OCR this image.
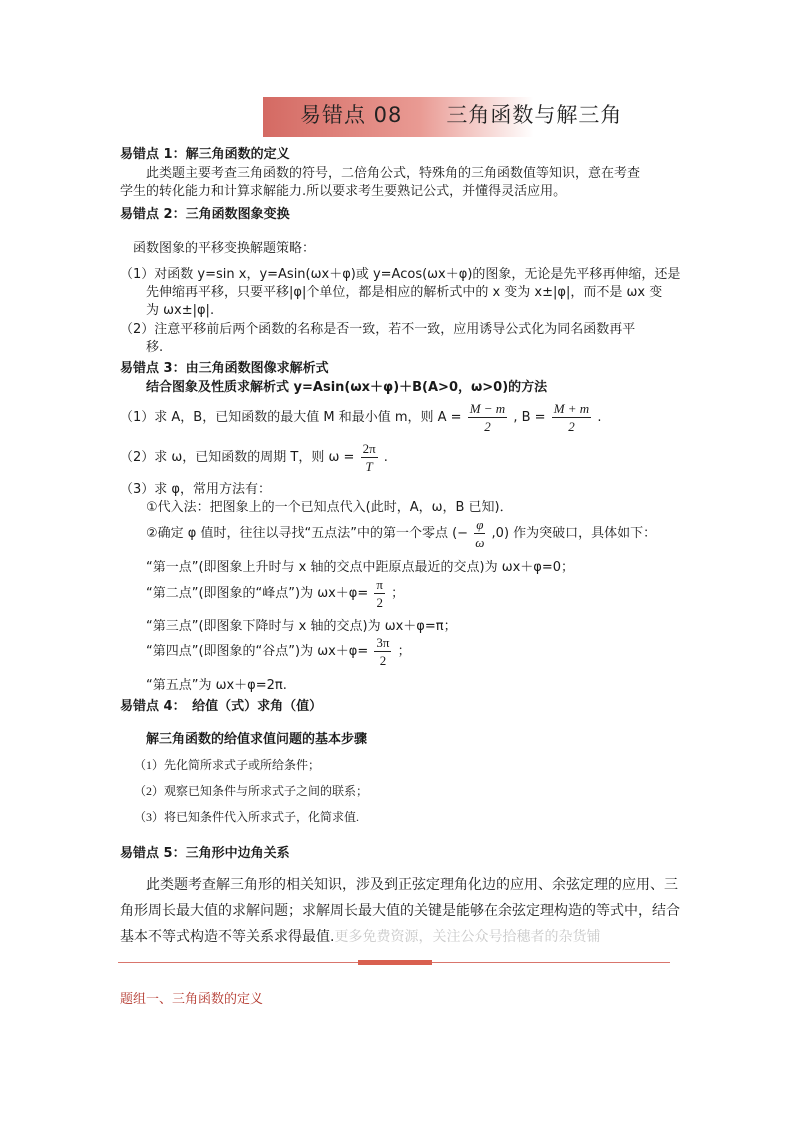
易错点 08　　三角函数与解三角
易错点 1：解三角函数的定义
此类题主要考查三角函数的符号，二倍角公式，特殊角的三角函数值等知识，意在考查
学生的转化能力和计算求解能力.所以要求考生要熟记公式，并懂得灵活应用。
易错点 2：三角函数图象变换
函数图象的平移变换解题策略：
（1）对函数 y=sin x，y=Asin(ωx＋φ)或 y=Acos(ωx＋φ)的图象，无论是先平移再伸缩，还是
先伸缩再平移，只要平移|φ|个单位，都是相应的解析式中的 x 变为 x±|φ|，而不是 ωx 变
为 ωx±|φ|.
（2）注意平移前后两个函数的名称是否一致，若不一致，应用诱导公式化为同名函数再平
移.
易错点 3：由三角函数图像求解析式
结合图象及性质求解析式 y=Asin(ωx＋φ)＋B(A>0，ω>0)的方法
（1）求 A，B，已知函数的最大值 M 和最小值 m，则 $A = \frac{M - m}{2}$ , $B = \frac{M + m}{2}$ .
（2）求 ω，已知函数的周期 T，则 $\omega = \frac{2\pi}{T}$ .
（3）求 φ，常用方法有：
①代入法：把图象上的一个已知点代入(此时，A，ω，B 已知)．
②确定 φ 值时，往往以寻找“五点法”中的第一个零点 (− $\frac{\varphi}{\omega} ,0$) 作为突破口，具体如下：
“第一点”(即图象上升时与 x 轴的交点中距原点最近的交点)为 ωx＋φ=0；
“第二点”(即图象的“峰点”)为 $\omega x+\varphi= \frac{\pi}{2}$ ；
“第三点”(即图象下降时与 x 轴的交点)为 ωx＋φ=π；
“第四点”(即图象的“谷点”)为 $\omega x+\varphi= \frac{3\pi}{2}$ ；
“第五点”为 ωx＋φ=2π.
易错点 4：　给值（式）求角（值）
解三角函数的给值求值问题的基本步骤
（1）先化简所求式子或所给条件；
（2）观察已知条件与所求式子之间的联系；
（3）将已知条件代入所求式子，化简求值.
易错点 5：三角形中边角关系
此类题考查解三角形的相关知识，涉及到正弦定理角化边的应用、余弦定理的应用、三
角形周长最大值的求解问题；求解周长最大值的关键是能够在余弦定理构造的等式中，结合
基本不等式构造不等关系求得最值.更多免费资源，关注公众号拾穗者的杂货铺
题组一、三角函数的定义
